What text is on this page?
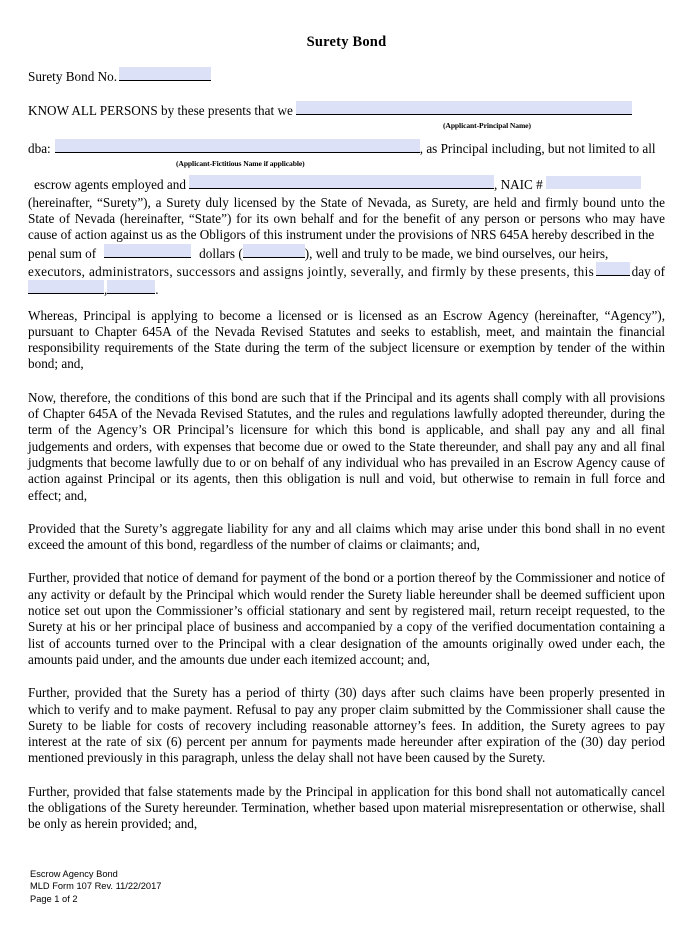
Surety Bond
Surety Bond No.
KNOW ALL PERSONS by these presents that we
(Applicant-Principal Name)
dba:	, as Principal including, but not limited to all
(Applicant-Fictitious Name if applicable)
escrow agents employed and	, NAIC #

(hereinafter, “Surety”), a Surety duly licensed by the State of Nevada, as Surety, are held and firmly bound unto the State of Nevada (hereinafter, “State”) for its own behalf and for the benefit of any person or persons who may have cause of action against us as the Obligors of this instrument under the provisions of NRS 645A hereby described in the

penal sum of	dollars (	), well and truly to be made, we bind ourselves, our heirs,
executors, administrators, successors and assigns jointly, severally, and firmly by these presents, this	day of
,	.

Whereas, Principal is applying to become a licensed or is licensed as an Escrow Agency (hereinafter, “Agency”), pursuant to Chapter 645A of the Nevada Revised Statutes and seeks to establish, meet, and maintain the financial responsibility requirements of the State during the term of the subject licensure or exemption by tender of the within bond; and,

Now, therefore, the conditions of this bond are such that if the Principal and its agents shall comply with all provisions of Chapter 645A of the Nevada Revised Statutes, and the rules and regulations lawfully adopted thereunder, during the term of the Agency’s OR Principal’s licensure for which this bond is applicable, and shall pay any and all final judgements and orders, with expenses that become due or owed to the State thereunder, and shall pay any and all final judgments that become lawfully due to or on behalf of any individual who has prevailed in an Escrow Agency cause of action against Principal or its agents, then this obligation is null and void, but otherwise to remain in full force and effect; and,

Provided that the Surety’s aggregate liability for any and all claims which may arise under this bond shall in no event exceed the amount of this bond, regardless of the number of claims or claimants; and,

Further, provided that notice of demand for payment of the bond or a portion thereof by the Commissioner and notice of any activity or default by the Principal which would render the Surety liable hereunder shall be deemed sufficient upon notice set out upon the Commissioner’s official stationary and sent by registered mail, return receipt requested, to the Surety at his or her principal place of business and accompanied by a copy of the verified documentation containing a list of accounts turned over to the Principal with a clear designation of the amounts originally owed under each, the amounts paid under, and the amounts due under each itemized account; and,

Further, provided that the Surety has a period of thirty (30) days after such claims have been properly presented in which to verify and to make payment. Refusal to pay any proper claim submitted by the Commissioner shall cause the Surety to be liable for costs of recovery including reasonable attorney’s fees. In addition, the Surety agrees to pay interest at the rate of six (6) percent per annum for payments made hereunder after expiration of the (30) day period mentioned previously in this paragraph, unless the delay shall not have been caused by the Surety.

Further, provided that false statements made by the Principal in application for this bond shall not automatically cancel the obligations of the Surety hereunder. Termination, whether based upon material misrepresentation or otherwise, shall be only as herein provided; and,

Escrow Agency Bond
MLD Form 107 Rev. 11/22/2017
Page 1 of 2
